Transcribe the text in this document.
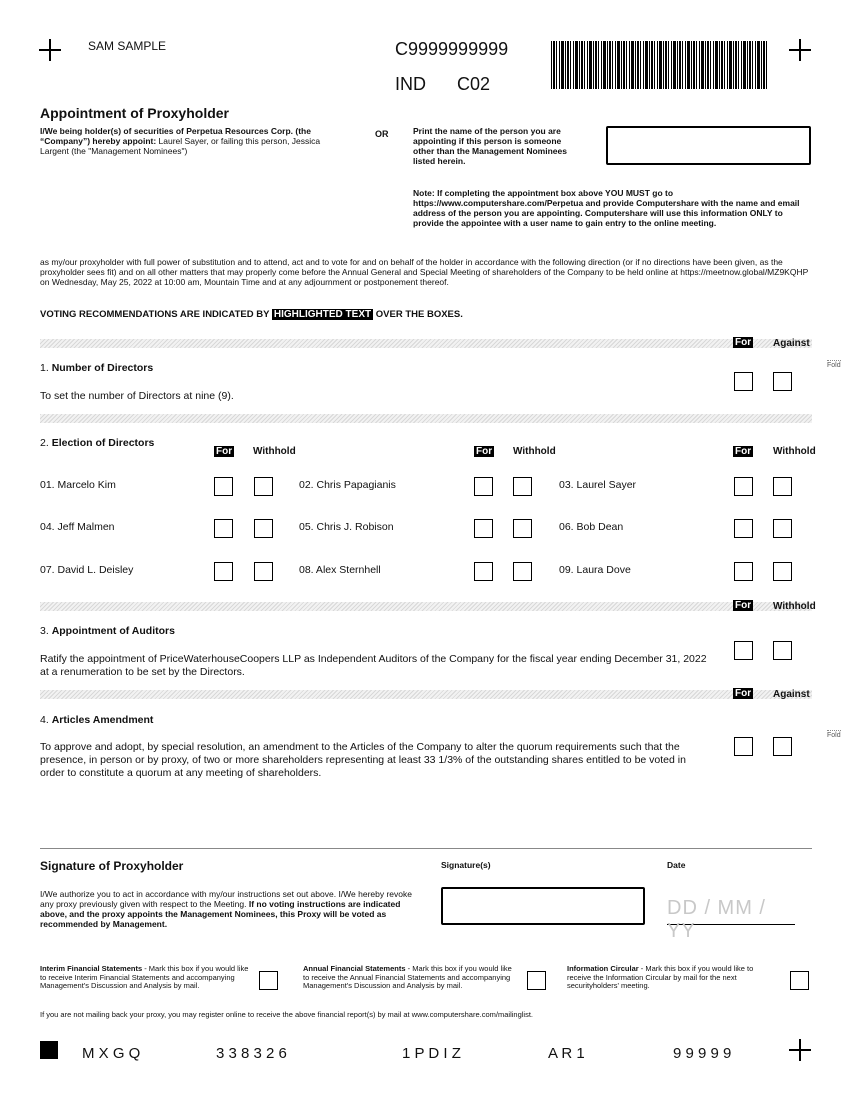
SAM SAMPLE	C9999999999
IND C02
Appointment of Proxyholder
I/We being holder(s) of securities of Perpetua Resources Corp. (the “Company”) hereby appoint: Laurel Sayer, or failing this person, Jessica Largent (the "Management Nominees")
OR	Print the name of the person you are appointing if this person is someone other than the Management Nominees listed herein.
Note: If completing the appointment box above YOU MUST go to https://www.computershare.com/Perpetua and provide Computershare with the name and email address of the person you are appointing. Computershare will use this information ONLY to provide the appointee with a user name to gain entry to the online meeting.
as my/our proxyholder with full power of substitution and to attend, act and to vote for and on behalf of the holder in accordance with the following direction (or if no directions have been given, as the proxyholder sees fit) and on all other matters that may properly come before the Annual General and Special Meeting of shareholders of the Company to be held online at https://meetnow.global/MZ9KQHP on Wednesday, May 25, 2022 at 10:00 am, Mountain Time and at any adjournment or postponement thereof.
VOTING RECOMMENDATIONS ARE INDICATED BY HIGHLIGHTED TEXT OVER THE BOXES.
For Against
1. Number of Directors
To set the number of Directors at nine (9).
Fold
2. Election of Directors
For Withhold	For Withhold	For Withhold
01. Marcelo Kim	02. Chris Papagianis	03. Laurel Sayer
04. Jeff Malmen	05. Chris J. Robison	06. Bob Dean
07. David L. Deisley	08. Alex Sternhell	09. Laura Dove
For Withhold
3. Appointment of Auditors
Ratify the appointment of PriceWaterhouseCoopers LLP as Independent Auditors of the Company for the fiscal year ending December 31, 2022 at a renumeration to be set by the Directors.
For Against
4. Articles Amendment
To approve and adopt, by special resolution, an amendment to the Articles of the Company to alter the quorum requirements such that the presence, in person or by proxy, of two or more shareholders representing at least 33 1/3% of the outstanding shares entitled to be voted in order to constitute a quorum at any meeting of shareholders.
Fold
Signature of Proxyholder	Signature(s)	Date
I/We authorize you to act in accordance with my/our instructions set out above. I/We hereby revoke any proxy previously given with respect to the Meeting. If no voting instructions are indicated above, and the proxy appoints the Management Nominees, this Proxy will be voted as recommended by Management.
DD / MM / YY
Interim Financial Statements - Mark this box if you would like to receive Interim Financial Statements and accompanying Management's Discussion and Analysis by mail.
Annual Financial Statements - Mark this box if you would like to receive the Annual Financial Statements and accompanying Management's Discussion and Analysis by mail.
Information Circular - Mark this box if you would like to receive the Information Circular by mail for the next securityholders' meeting.
If you are not mailing back your proxy, you may register online to receive the above financial report(s) by mail at www.computershare.com/mailinglist.
M X G Q	3 3 8 3 2 6	1 P D I Z	A R 1	9 9 9 9 9
